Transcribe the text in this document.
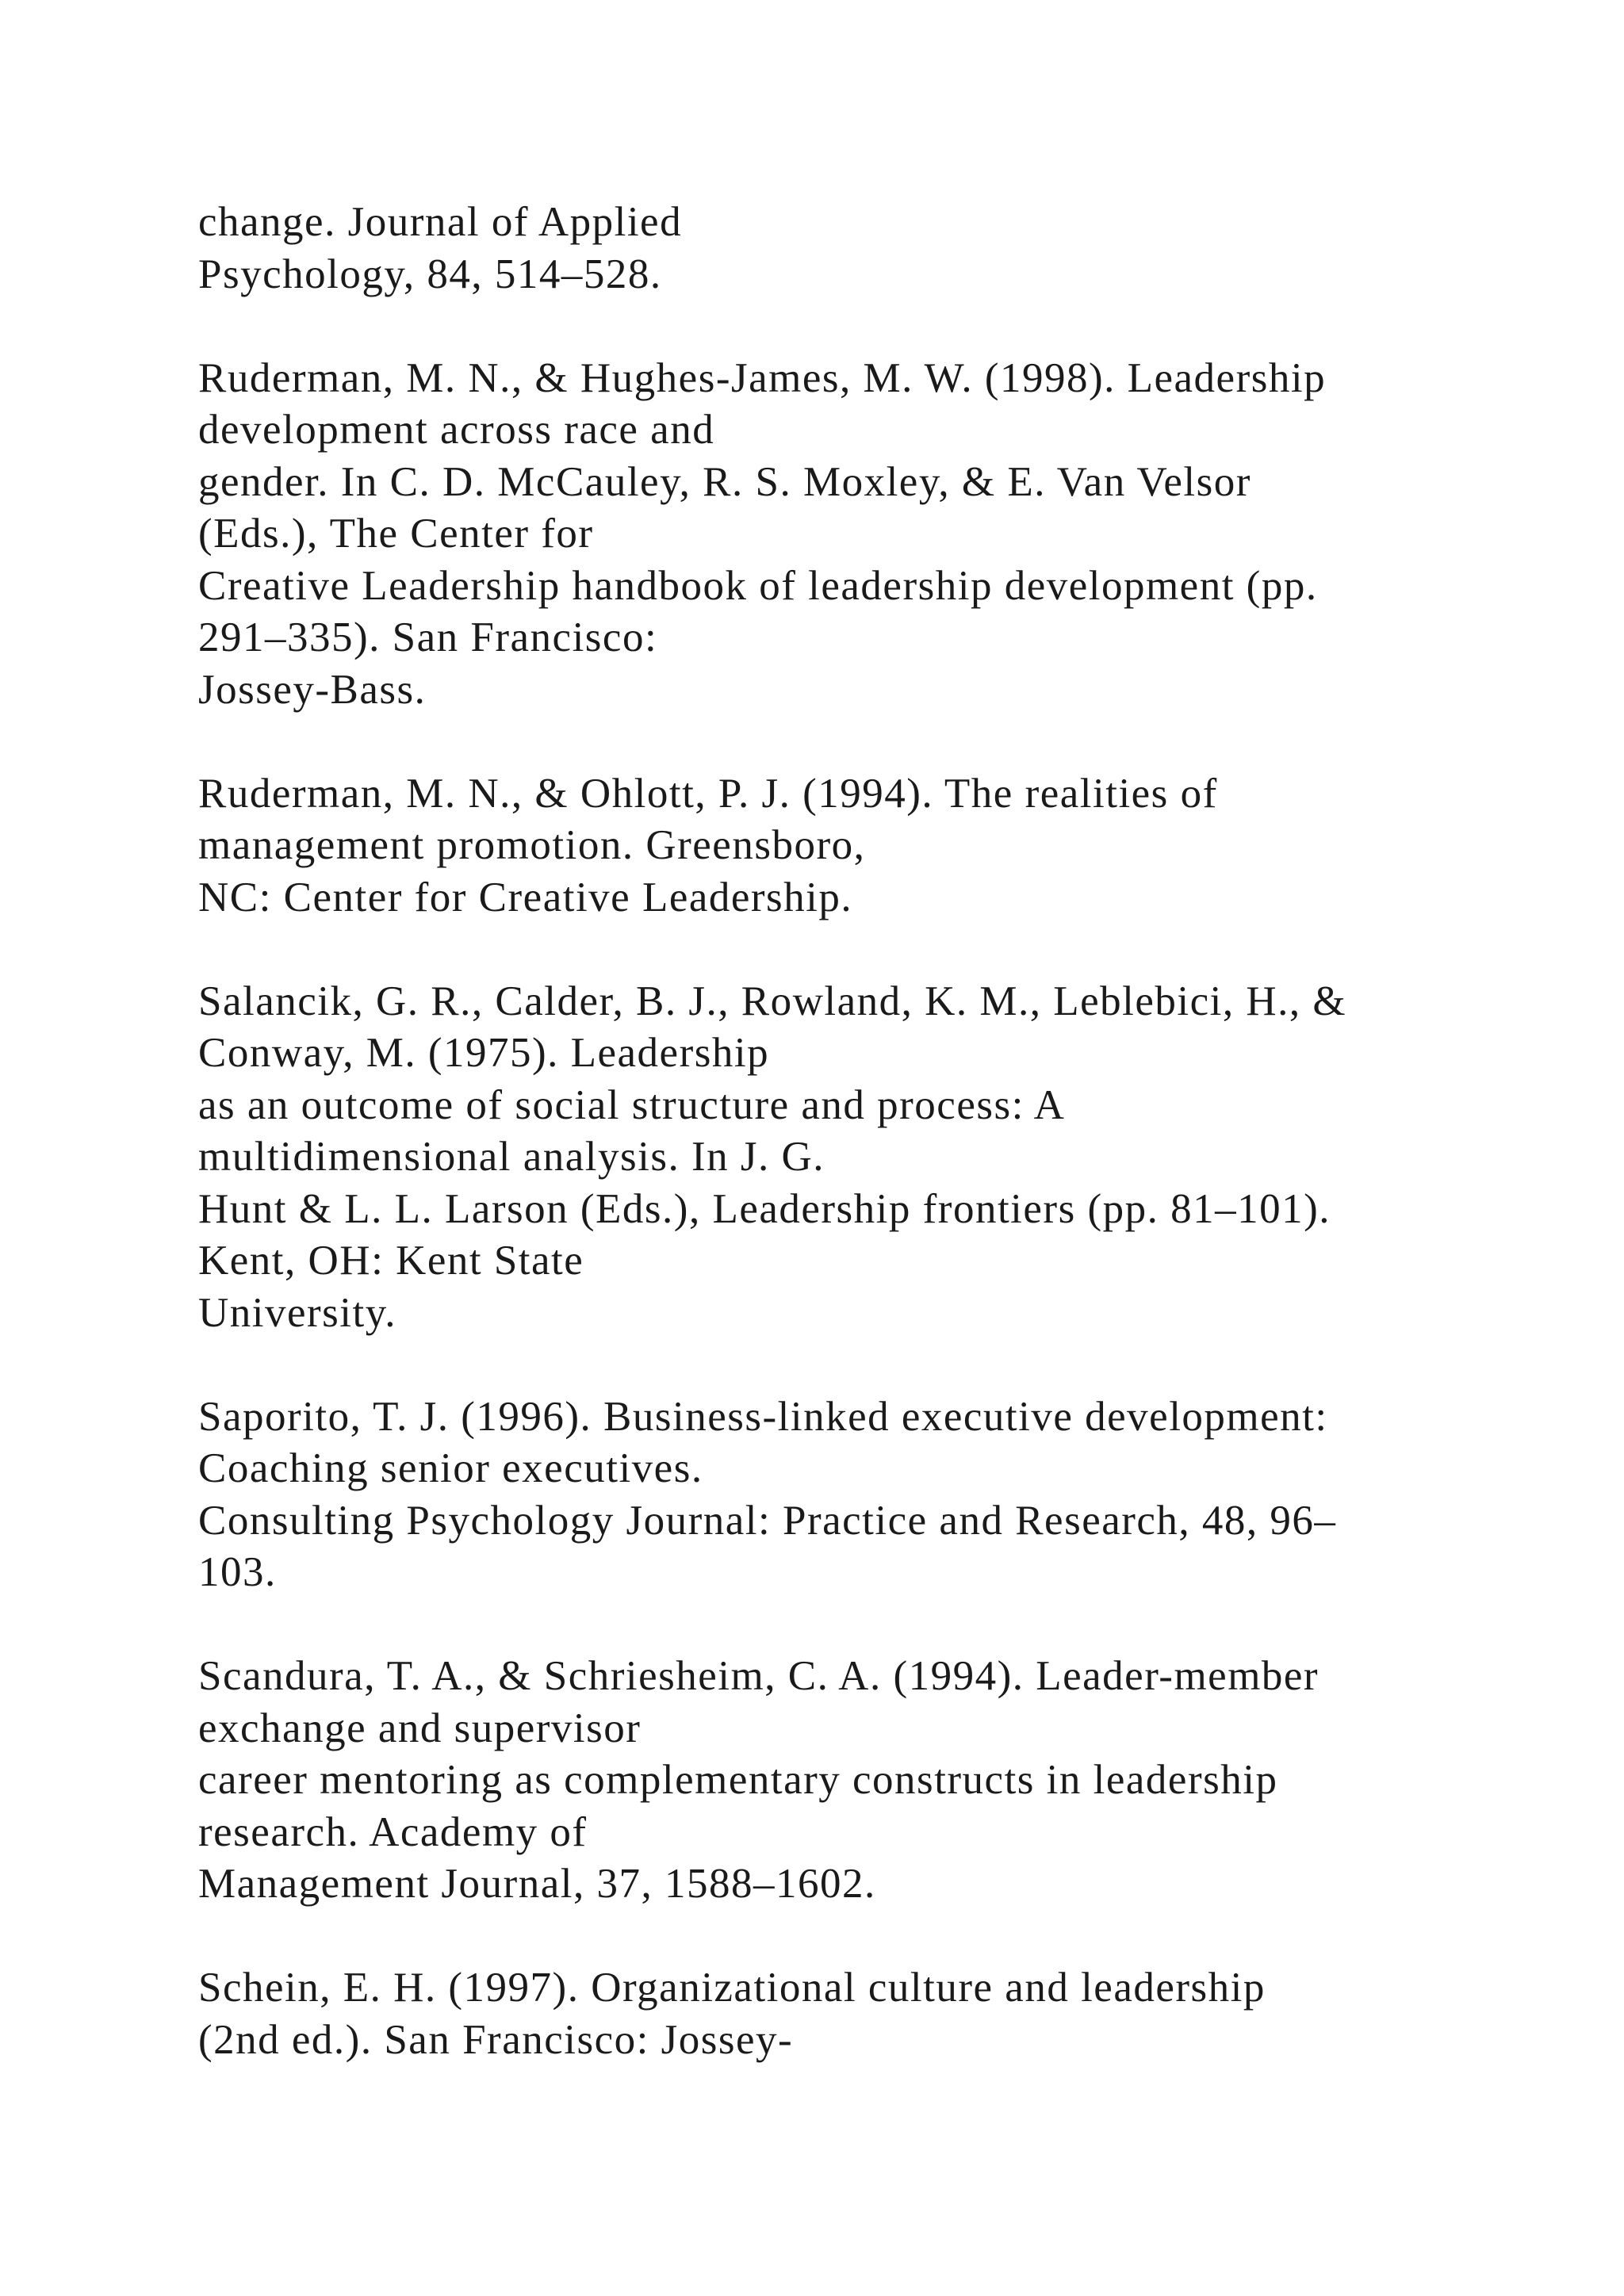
change. Journal of Applied
Psychology, 84, 514–528.
Ruderman, M. N., & Hughes-James, M. W. (1998). Leadership
development across race and
gender. In C. D. McCauley, R. S. Moxley, & E. Van Velsor
(Eds.), The Center for
Creative Leadership handbook of leadership development (pp.
291–335). San Francisco:
Jossey-Bass.
Ruderman, M. N., & Ohlott, P. J. (1994). The realities of
management promotion. Greensboro,
NC: Center for Creative Leadership.
Salancik, G. R., Calder, B. J., Rowland, K. M., Leblebici, H., &
Conway, M. (1975). Leadership
as an outcome of social structure and process: A
multidimensional analysis. In J. G.
Hunt & L. L. Larson (Eds.), Leadership frontiers (pp. 81–101).
Kent, OH: Kent State
University.
Saporito, T. J. (1996). Business-linked executive development:
Coaching senior executives.
Consulting Psychology Journal: Practice and Research, 48, 96–
103.
Scandura, T. A., & Schriesheim, C. A. (1994). Leader-member
exchange and supervisor
career mentoring as complementary constructs in leadership
research. Academy of
Management Journal, 37, 1588–1602.
Schein, E. H. (1997). Organizational culture and leadership
(2nd ed.). San Francisco: Jossey-
